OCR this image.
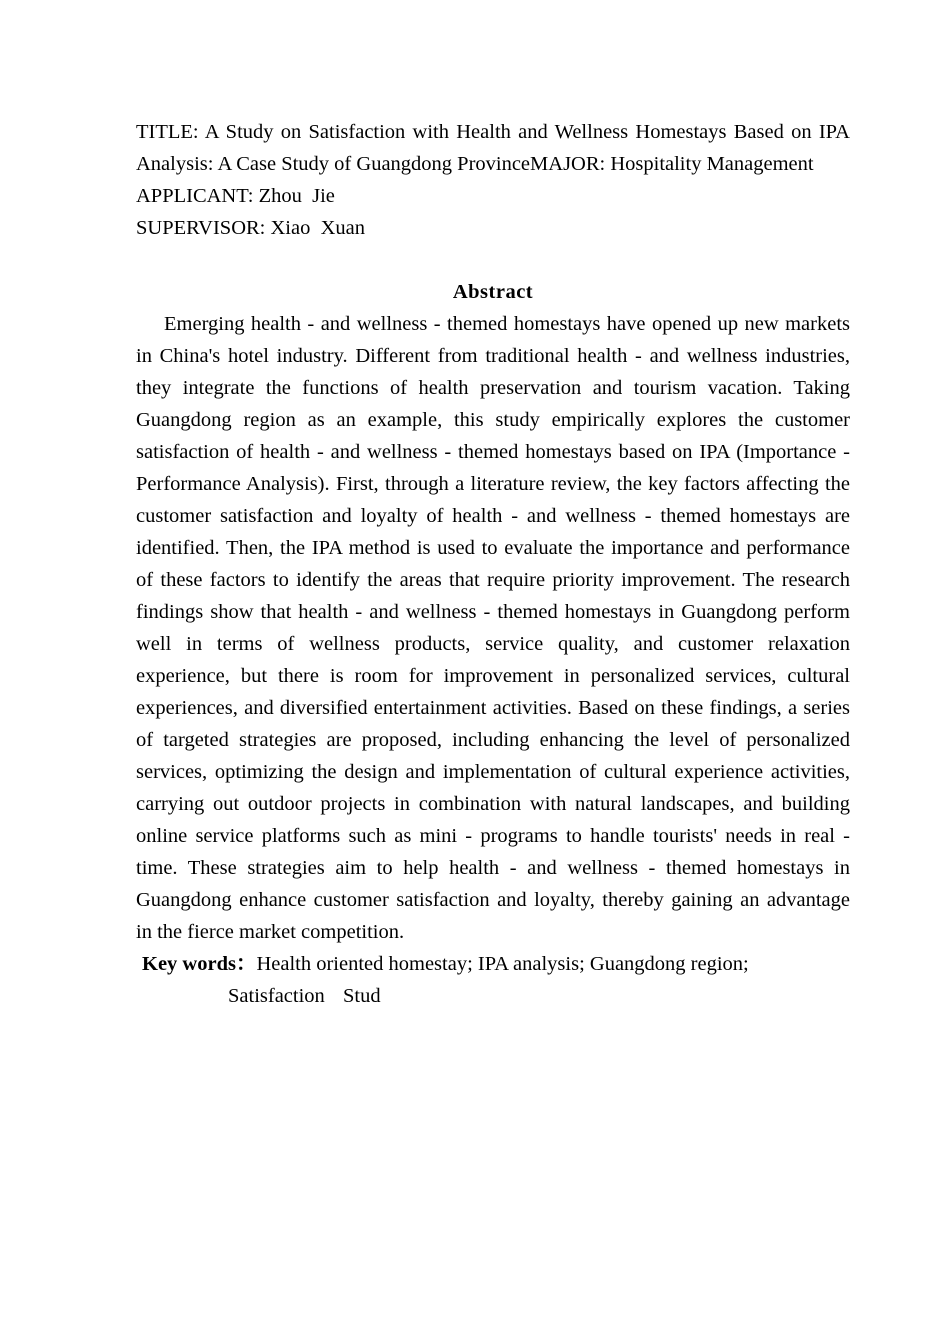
TITLE: A Study on Satisfaction with Health and Wellness Homestays Based on IPA Analysis: A Case Study of Guangdong ProvinceMAJOR: Hospitality Management
APPLICANT: Zhou  Jie
SUPERVISOR: Xiao  Xuan
Abstract

Emerging health - and wellness - themed homestays have opened up new markets in China's hotel industry. Different from traditional health - and wellness industries, they integrate the functions of health preservation and tourism vacation. Taking Guangdong region as an example, this study empirically explores the customer satisfaction of health - and wellness - themed homestays based on IPA (Importance - Performance Analysis). First, through a literature review, the key factors affecting the customer satisfaction and loyalty of health - and wellness - themed homestays are identified. Then, the IPA method is used to evaluate the importance and performance of these factors to identify the areas that require priority improvement. The research findings show that health - and wellness - themed homestays in Guangdong perform well in terms of wellness products, service quality, and customer relaxation experience, but there is room for improvement in personalized services, cultural experiences, and diversified entertainment activities. Based on these findings, a series of targeted strategies are proposed, including enhancing the level of personalized services, optimizing the design and implementation of cultural experience activities, carrying out outdoor projects in combination with natural landscapes, and building online service platforms such as mini - programs to handle tourists' needs in real - time. These strategies aim to help health - and wellness - themed homestays in Guangdong enhance customer satisfaction and loyalty, thereby gaining an advantage in the fierce market competition.

Key words：Health oriented homestay; IPA analysis; Guangdong region;

Satisfaction  Stud
